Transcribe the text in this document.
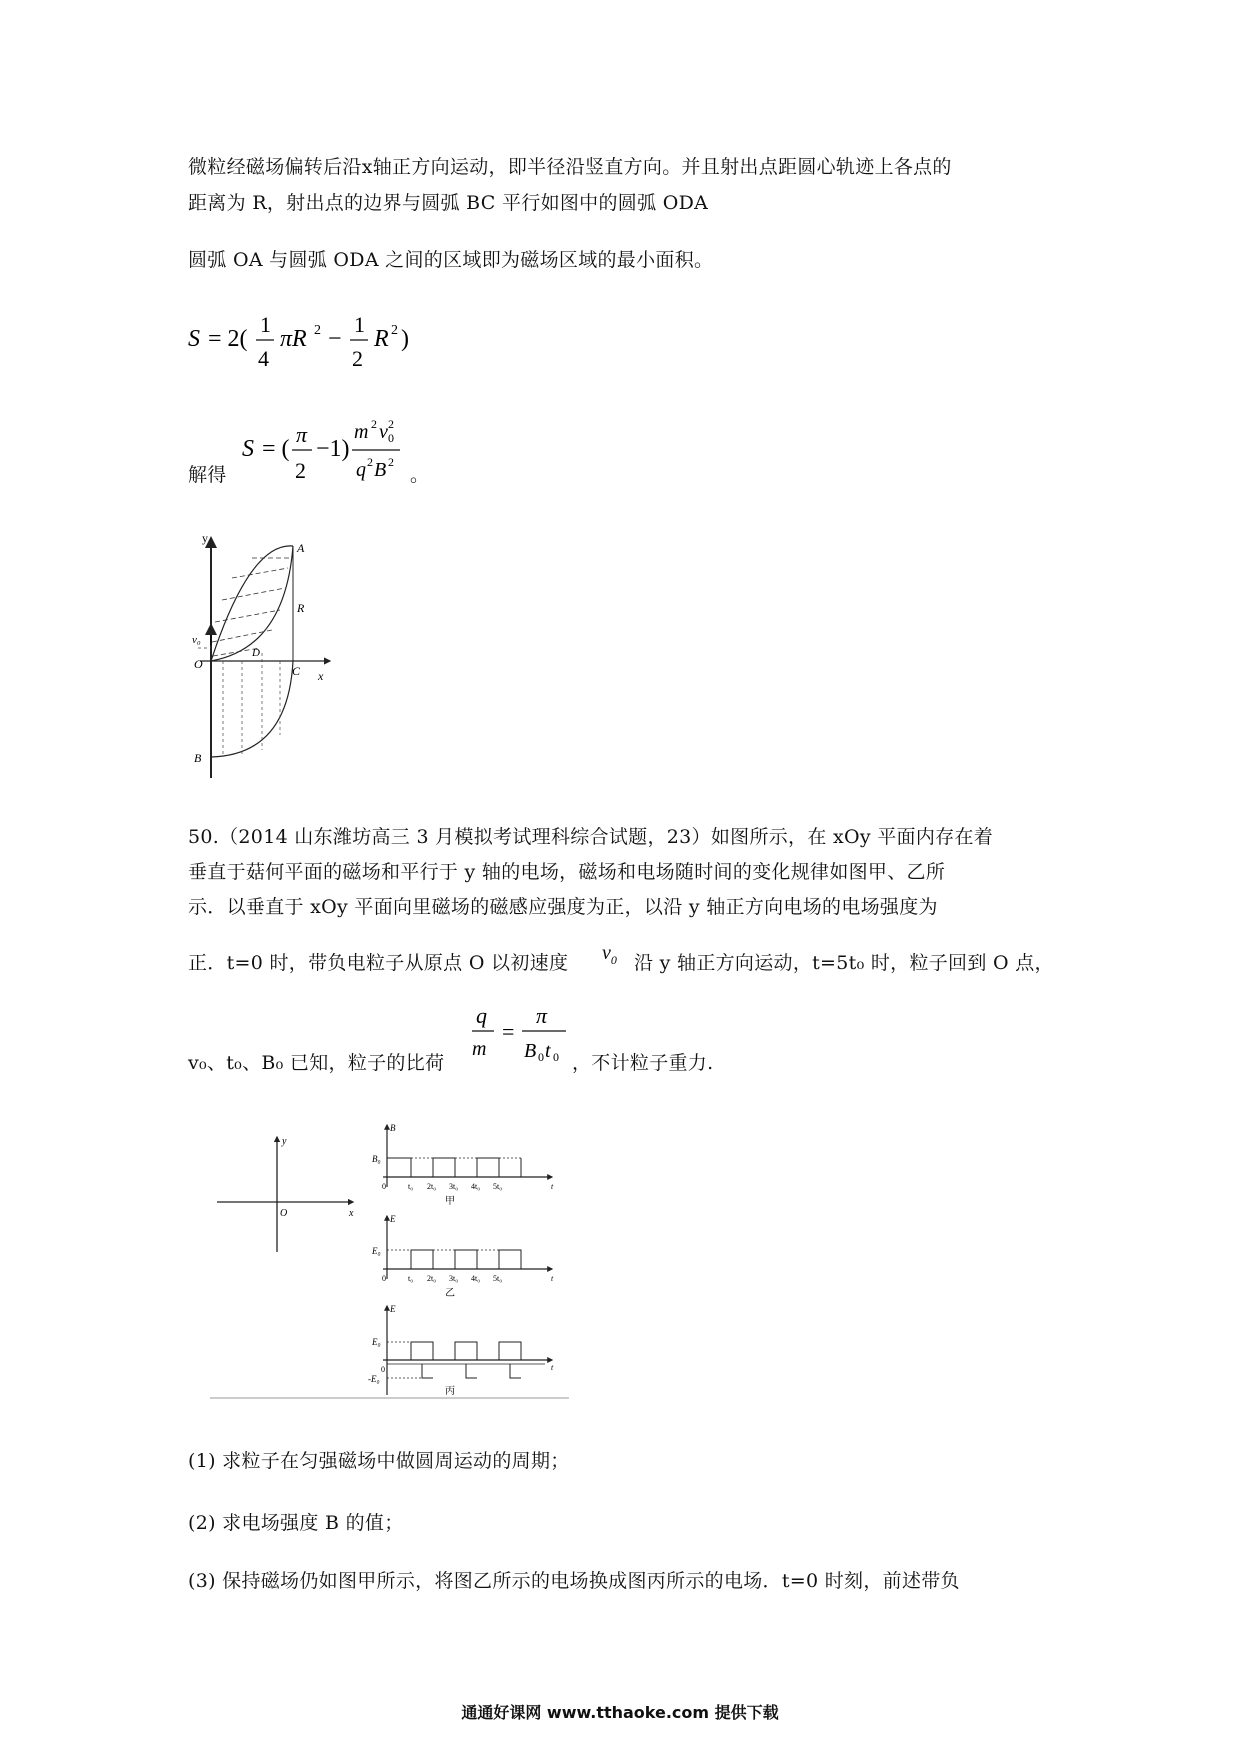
微粒经磁场偏转后沿x轴正方向运动，即半径沿竖直方向。并且射出点距圆心轨迹上各点的
距离为 R，射出点的边界与圆弧 BC 平行如图中的圆弧 ODA
圆弧 OA 与圆弧 ODA 之间的区域即为磁场区域的最小面积。
S = 2(
1
4
πR 2 −
1
2
R 2 )
解得
S = (
π
2
−1)
m 2 v 2
0
q 2 B 2
。
y
A
R
v₀
D
O	C x
B
50.（2014 山东潍坊高三 3 月模拟考试理科综合试题，23）如图所示，在 xOy 平面内存在着
垂直于菇何平面的磁场和平行于 y 轴的电场，磁场和电场随时间的变化规律如图甲、乙所
示．以垂直于 xOy 平面向里磁场的磁感应强度为正，以沿 y 轴正方向电场的电场强度为
正．t=0 时，带负电粒子从原点 O 以初速度 $v_0$ 沿 y 轴正方向运动，t=5t₀ 时，粒子回到 O 点，
v₀、t₀、B₀ 已知，粒子的比荷
q
m
=
π
B 0 t 0 ，不计粒子重力.
y
x
O
B
B₀
0	t₀ 2t₀ 3t₀ 4t₀ 5t₀	t
甲
E
E₀
0	t₀ 2t₀ 3t₀ 4t₀ 5t₀	t
乙
E
E₀
-E₀
0	t
丙
(1) 求粒子在匀强磁场中做圆周运动的周期；
(2) 求电场强度 B 的值；
(3) 保持磁场仍如图甲所示，将图乙所示的电场换成图丙所示的电场．t=0 时刻，前述带负
通通好课网 www.tthaoke.com 提供下载
